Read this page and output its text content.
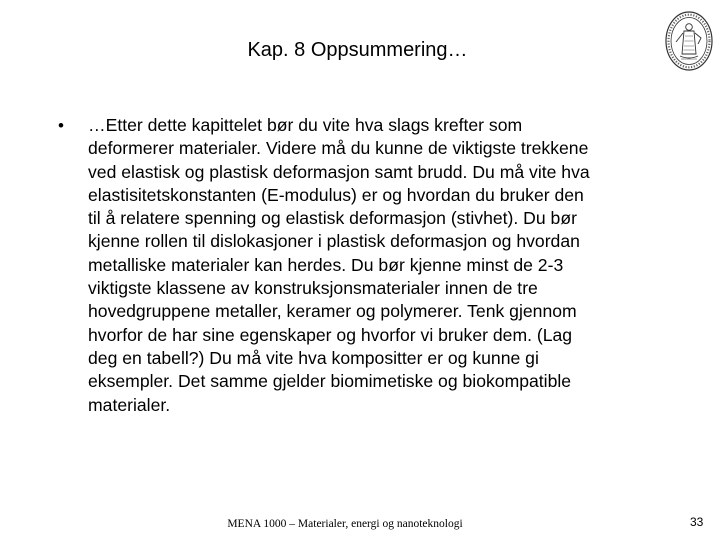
Kap. 8 Oppsummering…
• …Etter dette kapittelet bør du vite hva slags krefter som
deformerer materialer. Videre må du kunne de viktigste trekkene
ved elastisk og plastisk deformasjon samt brudd. Du må vite hva
elastisitetskonstanten (E-modulus) er og hvordan du bruker den
til å relatere spenning og elastisk deformasjon (stivhet). Du bør
kjenne rollen til dislokasjoner i plastisk deformasjon og hvordan
metalliske materialer kan herdes. Du bør kjenne minst de 2-3
viktigste klassene av konstruksjonsmaterialer innen de tre
hovedgruppene metaller, keramer og polymerer. Tenk gjennom
hvorfor de har sine egenskaper og hvorfor vi bruker dem. (Lag
deg en tabell?) Du må vite hva kompositter er og kunne gi
eksempler. Det samme gjelder biomimetiske og biokompatible
materialer.
MENA 1000 – Materialer, energi og nanoteknologi	33
